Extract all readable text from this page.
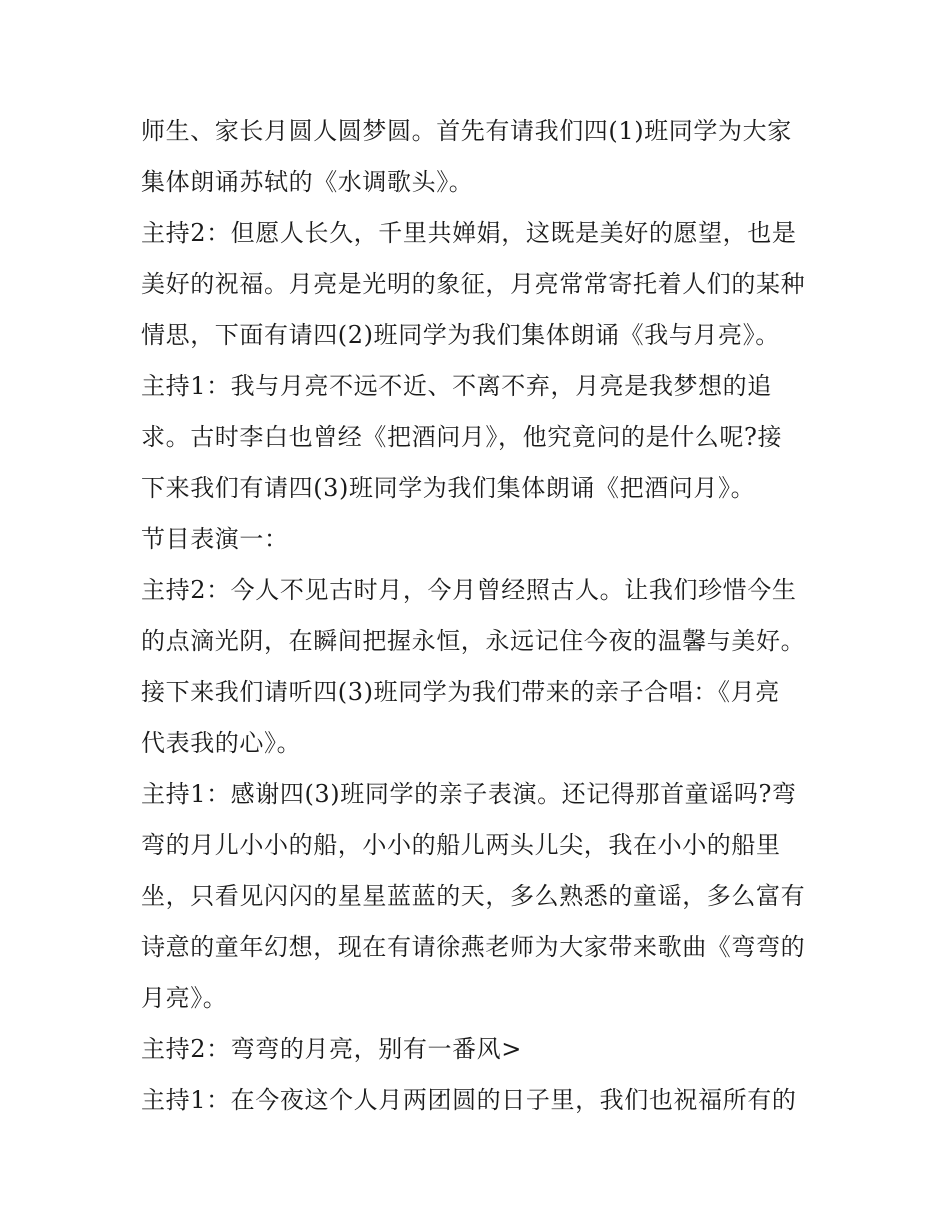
师生、家长月圆人圆梦圆。首先有请我们四(1)班同学为大家
集体朗诵苏轼的《水调歌头》。
主持2：但愿人长久，千里共婵娟，这既是美好的愿望，也是
美好的祝福。月亮是光明的象征，月亮常常寄托着人们的某种
情思，下面有请四(2)班同学为我们集体朗诵《我与月亮》。
主持1：我与月亮不远不近、不离不弃，月亮是我梦想的追
求。古时李白也曾经《把酒问月》，他究竟问的是什么呢?接
下来我们有请四(3)班同学为我们集体朗诵《把酒问月》。
节目表演一：
主持2：今人不见古时月，今月曾经照古人。让我们珍惜今生
的点滴光阴，在瞬间把握永恒，永远记住今夜的温馨与美好。
接下来我们请听四(3)班同学为我们带来的亲子合唱：《月亮
代表我的心》。
主持1：感谢四(3)班同学的亲子表演。还记得那首童谣吗?弯
弯的月儿小小的船，小小的船儿两头儿尖，我在小小的船里
坐，只看见闪闪的星星蓝蓝的天，多么熟悉的童谣，多么富有
诗意的童年幻想，现在有请徐燕老师为大家带来歌曲《弯弯的
月亮》。
主持2：弯弯的月亮，别有一番风>
主持1：在今夜这个人月两团圆的日子里，我们也祝福所有的
